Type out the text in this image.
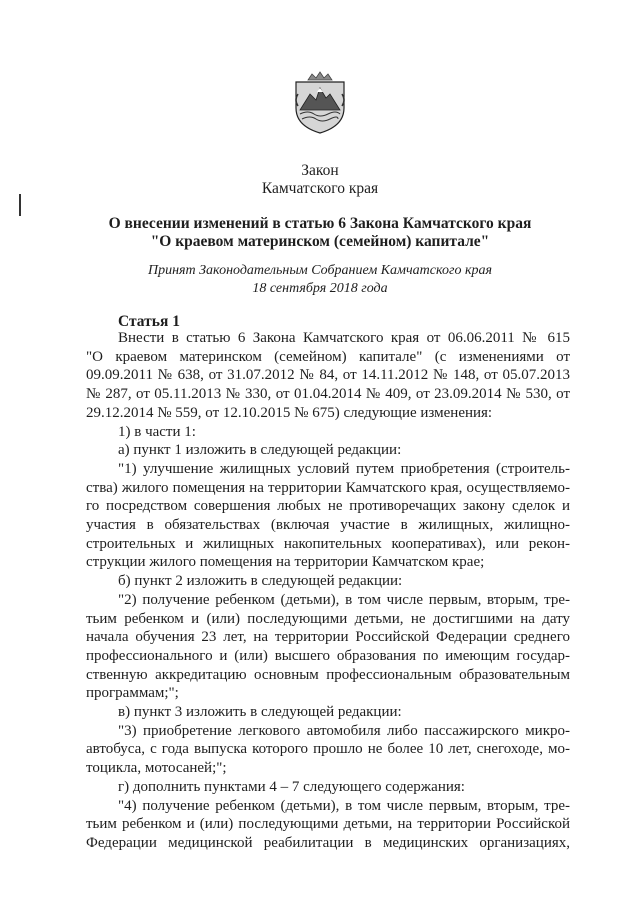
Закон
Камчатского края
О внесении изменений в статью 6 Закона Камчатского края
"О краевом материнском (семейном) капитале"
Принят Законодательным Собранием Камчатского края
18 сентября 2018 года
Статья 1
Внести в статью 6 Закона Камчатского края от 06.06.2011 № 615
"О краевом материнском (семейном) капитале" (с изменениями от
09.09.2011 № 638, от 31.07.2012 № 84, от 14.11.2012 № 148, от 05.07.2013
№ 287, от 05.11.2013 № 330, от 01.04.2014 № 409, от 23.09.2014 № 530, от
29.12.2014 № 559, от 12.10.2015 № 675) следующие изменения:
1) в части 1:
а) пункт 1 изложить в следующей редакции:
"1) улучшение жилищных условий путем приобретения (строитель-
ства) жилого помещения на территории Камчатского края, осуществляемо-
го посредством совершения любых не противоречащих закону сделок и
участия в обязательствах (включая участие в жилищных, жилищно-
строительных и жилищных накопительных кооперативах), или рекон-
струкции жилого помещения на территории Камчатском крае;
б) пункт 2 изложить в следующей редакции:
"2) получение ребенком (детьми), в том числе первым, вторым, тре-
тьим ребенком и (или) последующими детьми, не достигшими на дату
начала обучения 23 лет, на территории Российской Федерации среднего
профессионального и (или) высшего образования по имеющим государ-
ственную аккредитацию основным профессиональным образовательным
программам;";
в) пункт 3 изложить в следующей редакции:
"3) приобретение легкового автомобиля либо пассажирского микро-
автобуса, с года выпуска которого прошло не более 10 лет, снегоходе, мо-
тоцикла, мотосаней;";
г) дополнить пунктами 4 – 7 следующего содержания:
"4) получение ребенком (детьми), в том числе первым, вторым, тре-
тьим ребенком и (или) последующими детьми, на территории Российской
Федерации медицинской реабилитации в медицинских организациях,
